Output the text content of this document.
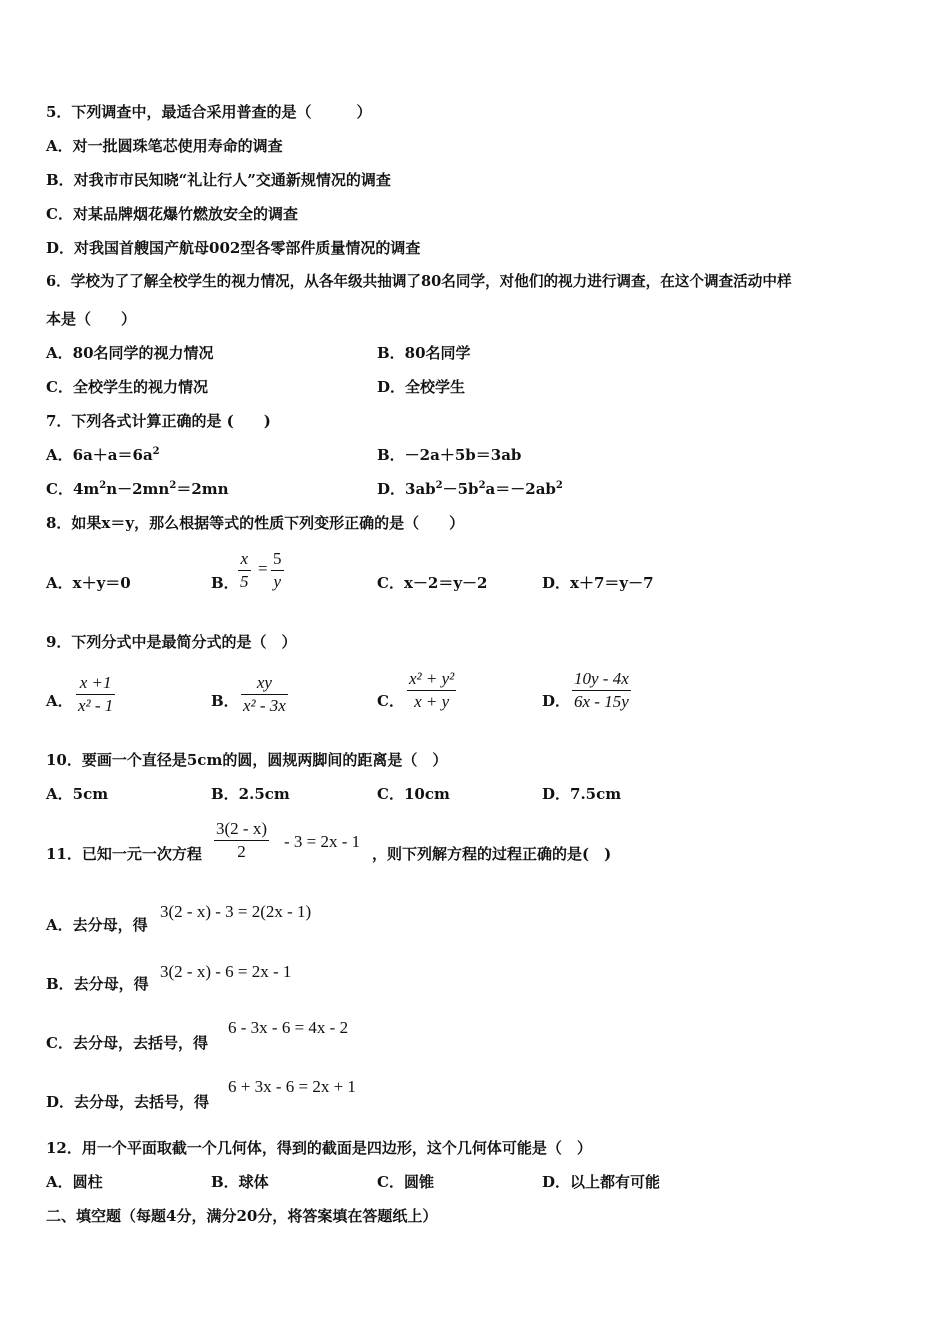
5．下列调查中，最适合采用普查的是（　　　）
A．对一批圆珠笔芯使用寿命的调查
B．对我市市民知晓“礼让行人”交通新规情况的调查
C．对某品牌烟花爆竹燃放安全的调查
D．对我国首艘国产航母002型各零部件质量情况的调查
6．学校为了了解全校学生的视力情况，从各年级共抽调了80名同学，对他们的视力进行调查，在这个调查活动中样
本是（　　）
A．80名同学的视力情况	B．80名同学
C．全校学生的视力情况	D．全校学生
7．下列各式计算正确的是 (　　)
A．$6a+a=6a^2$	B．－2a＋5b＝3ab
C．$4m^2n-2mn^2=2mn$	D．$3ab^2-5b^2a=-2ab^2$
8．如果x＝y，那么根据等式的性质下列变形正确的是（　　）
A．x＋y＝0	B． $\frac{x}{5} = \frac{5}{y}$	C．x－2＝y－2	D．x＋7＝y－7
9．下列分式中是最简分式的是（　）
A． $\frac{x +1}{\text{x² - 1}}$	B． $\frac{xy}{\text{x² - 3x}}$	C． $\frac{\text{x² + y²}}{x + y}$	D． $\frac{10y - 4x}{6x - 15y}$
10．要画一个直径是5cm的圆，圆规两脚间的距离是（　）
A．5cm	B．2.5cm	C．10cm	D．7.5cm
11．已知一元一次方程 $\frac{3(2 - x)}{2} - 3 = 2x - 1$
，则下列解方程的过程正确的是(　)
A．去分母，得
3(2 - x) - 3 = 2(2x - 1)
B．去分母，得
3(2 - x) - 6 = 2x - 1
C．去分母，去括号，得
6 - 3x - 6 = 4x - 2
D．去分母，去括号，得
6 + 3x - 6 = 2x + 1
12．用一个平面取截一个几何体，得到的截面是四边形，这个几何体可能是（　）
A．圆柱	B．球体	C．圆锥	D．以上都有可能
二、填空题（每题4分，满分20分，将答案填在答题纸上）
